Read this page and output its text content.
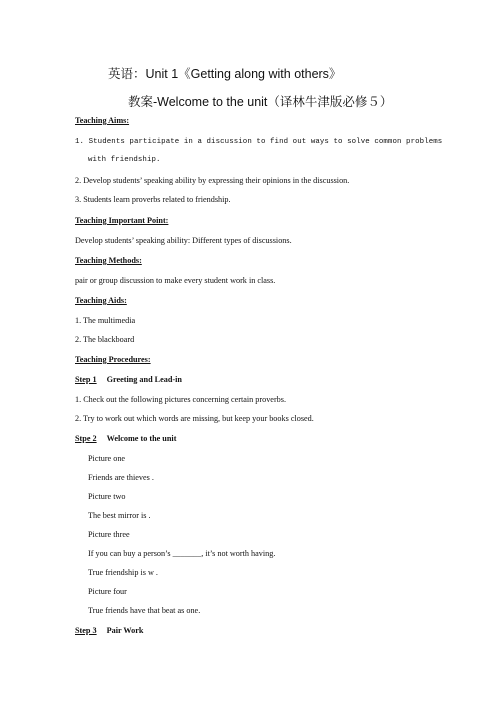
英语：Unit 1《Getting along with others》
教案-Welcome to the unit（译林牛津版必修５）
Teaching Aims:
1. Students participate in a discussion to find out ways to solve common problems
with friendship.
2. Develop students’ speaking ability by expressing their opinions in the discussion.
3. Students learn proverbs related to friendship.
Teaching Important Point:
Develop students’ speaking ability: Different types of discussions.
Teaching Methods:
pair or group discussion to make every student work in class.
Teaching Aids:
1. The multimedia
2. The blackboard
Teaching Procedures:
Step 1 Greeting and Lead-in
1. Check out the following pictures concerning certain proverbs.
2. Try to work out which words are missing, but keep your books closed.
Stpe 2 Welcome to the unit
Picture one
Friends are thieves .
Picture two
The best mirror is .
Picture three
If you can buy a person’s _______, it’s not worth having.
True friendship is w .
Picture four
True friends have that beat as one.
Step 3 Pair Work
